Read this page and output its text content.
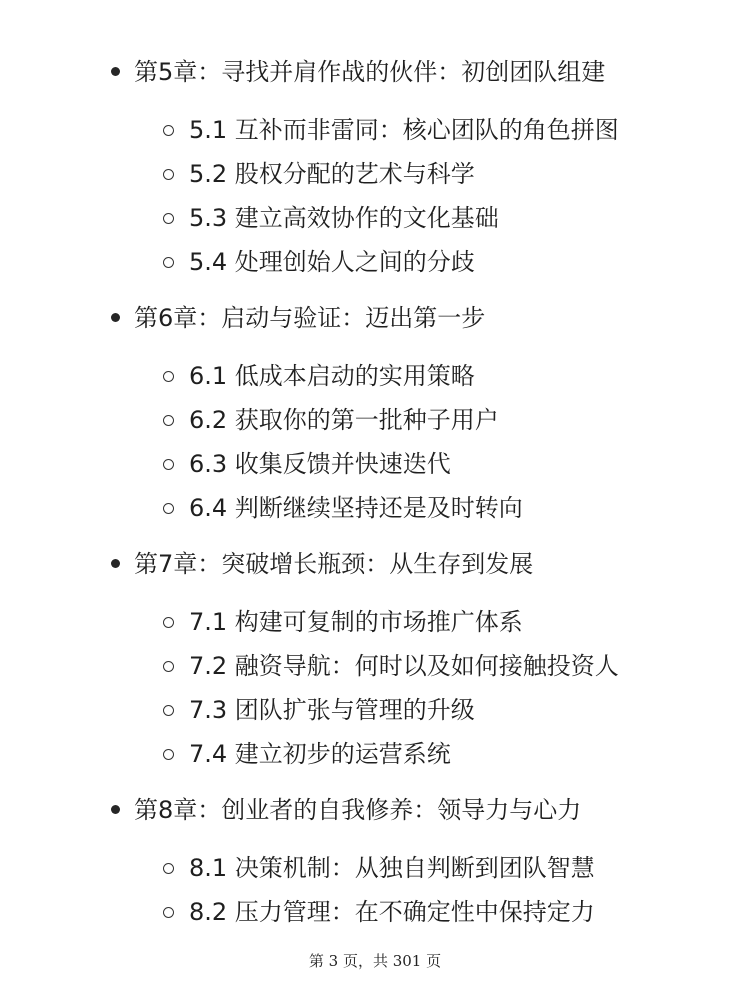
第5章：寻找并肩作战的伙伴：初创团队组建
5.1 互补而非雷同：核心团队的角色拼图
5.2 股权分配的艺术与科学
5.3 建立高效协作的文化基础
5.4 处理创始人之间的分歧
第6章：启动与验证：迈出第一步
6.1 低成本启动的实用策略
6.2 获取你的第一批种子用户
6.3 收集反馈并快速迭代
6.4 判断继续坚持还是及时转向
第7章：突破增长瓶颈：从生存到发展
7.1 构建可复制的市场推广体系
7.2 融资导航：何时以及如何接触投资人
7.3 团队扩张与管理的升级
7.4 建立初步的运营系统
第8章：创业者的自我修养：领导力与心力
8.1 决策机制：从独自判断到团队智慧
8.2 压力管理：在不确定性中保持定力
第 3 页，共 301 页
